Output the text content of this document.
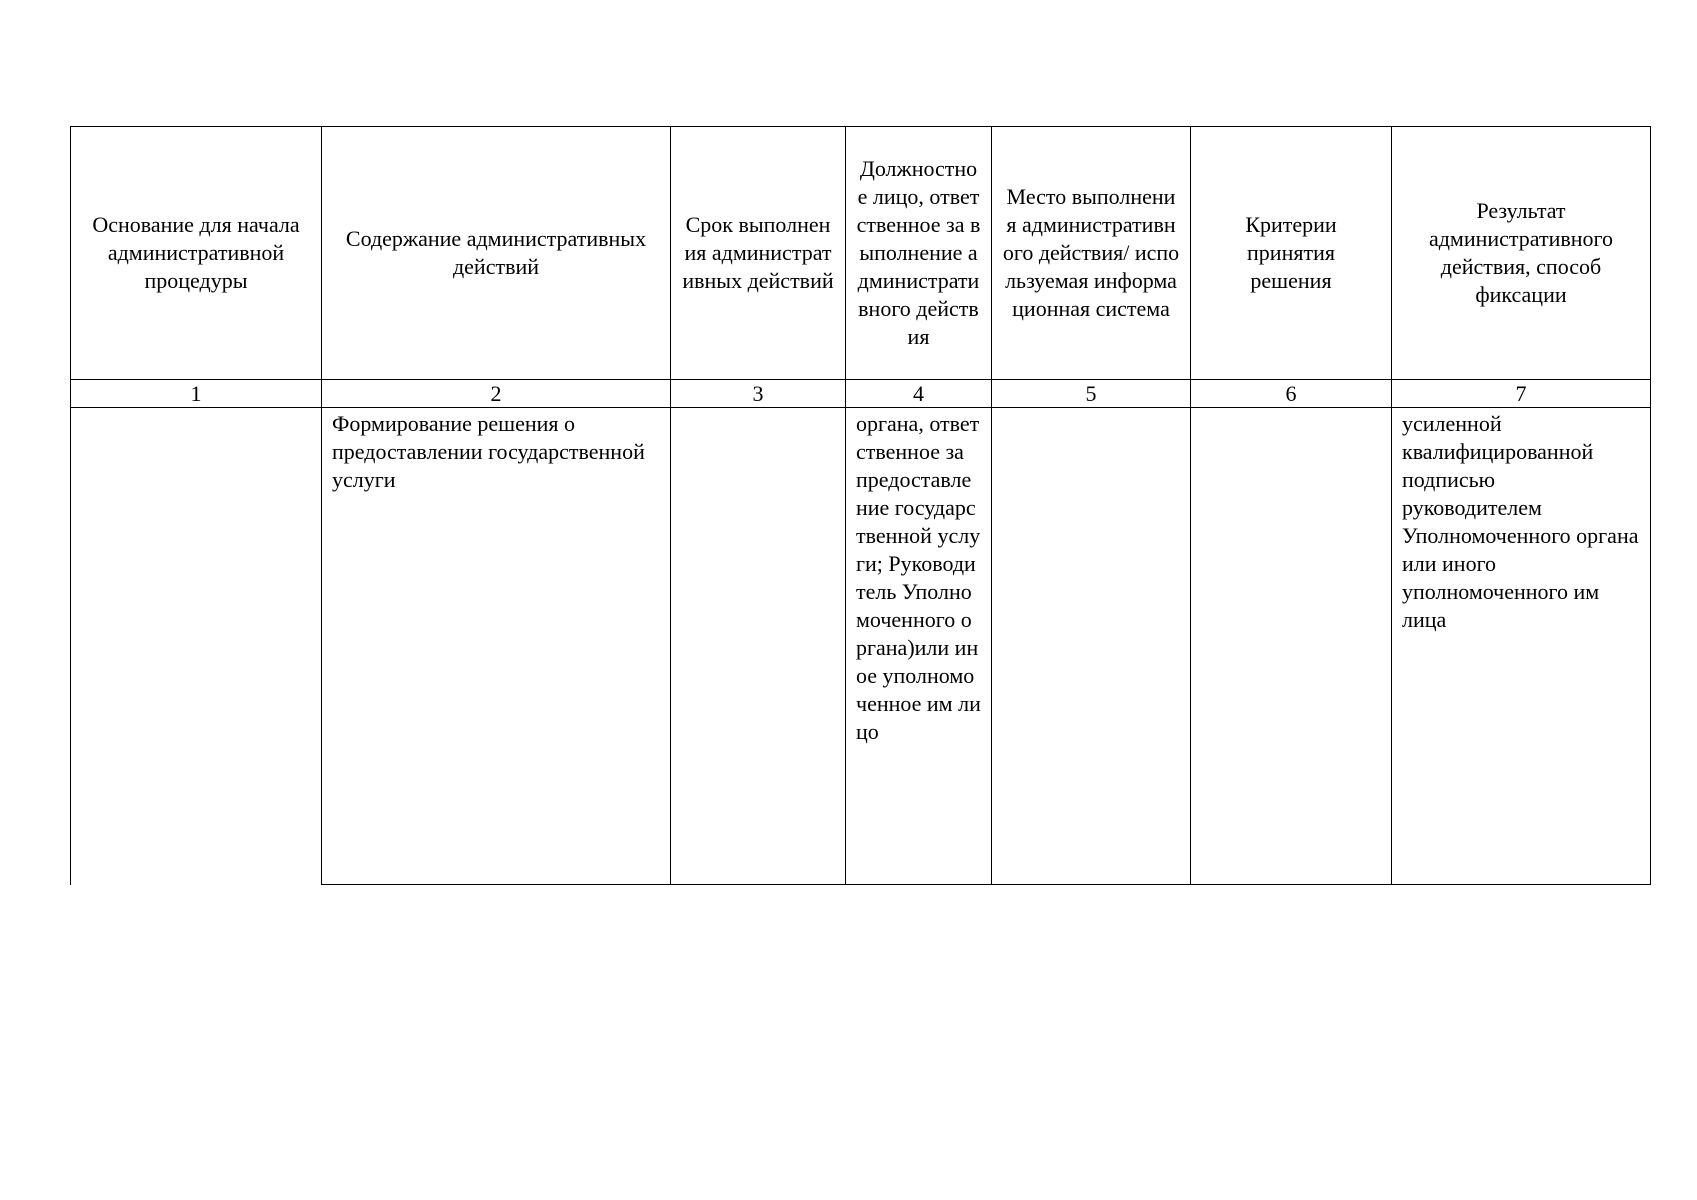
Основание для начала административной процедуры	Содержание административных действий	Срок выполнения административных действий	Должностное лицо, ответственное за выполнение административного действия	Место выполнения административного действия/ используемая информационная система	Критерии принятия решения	Результат административного действия, способ фиксации
1	2	3	4	5	6	7
	Формирование решения о предоставлении государственной услуги		органа, ответственное за предоставление государственной услуги; Руководитель Уполномоченного органа)или иное уполномоченное им лицо			усиленной квалифицированной подписью руководителем Уполномоченного органа или иного уполномоченного им лица
